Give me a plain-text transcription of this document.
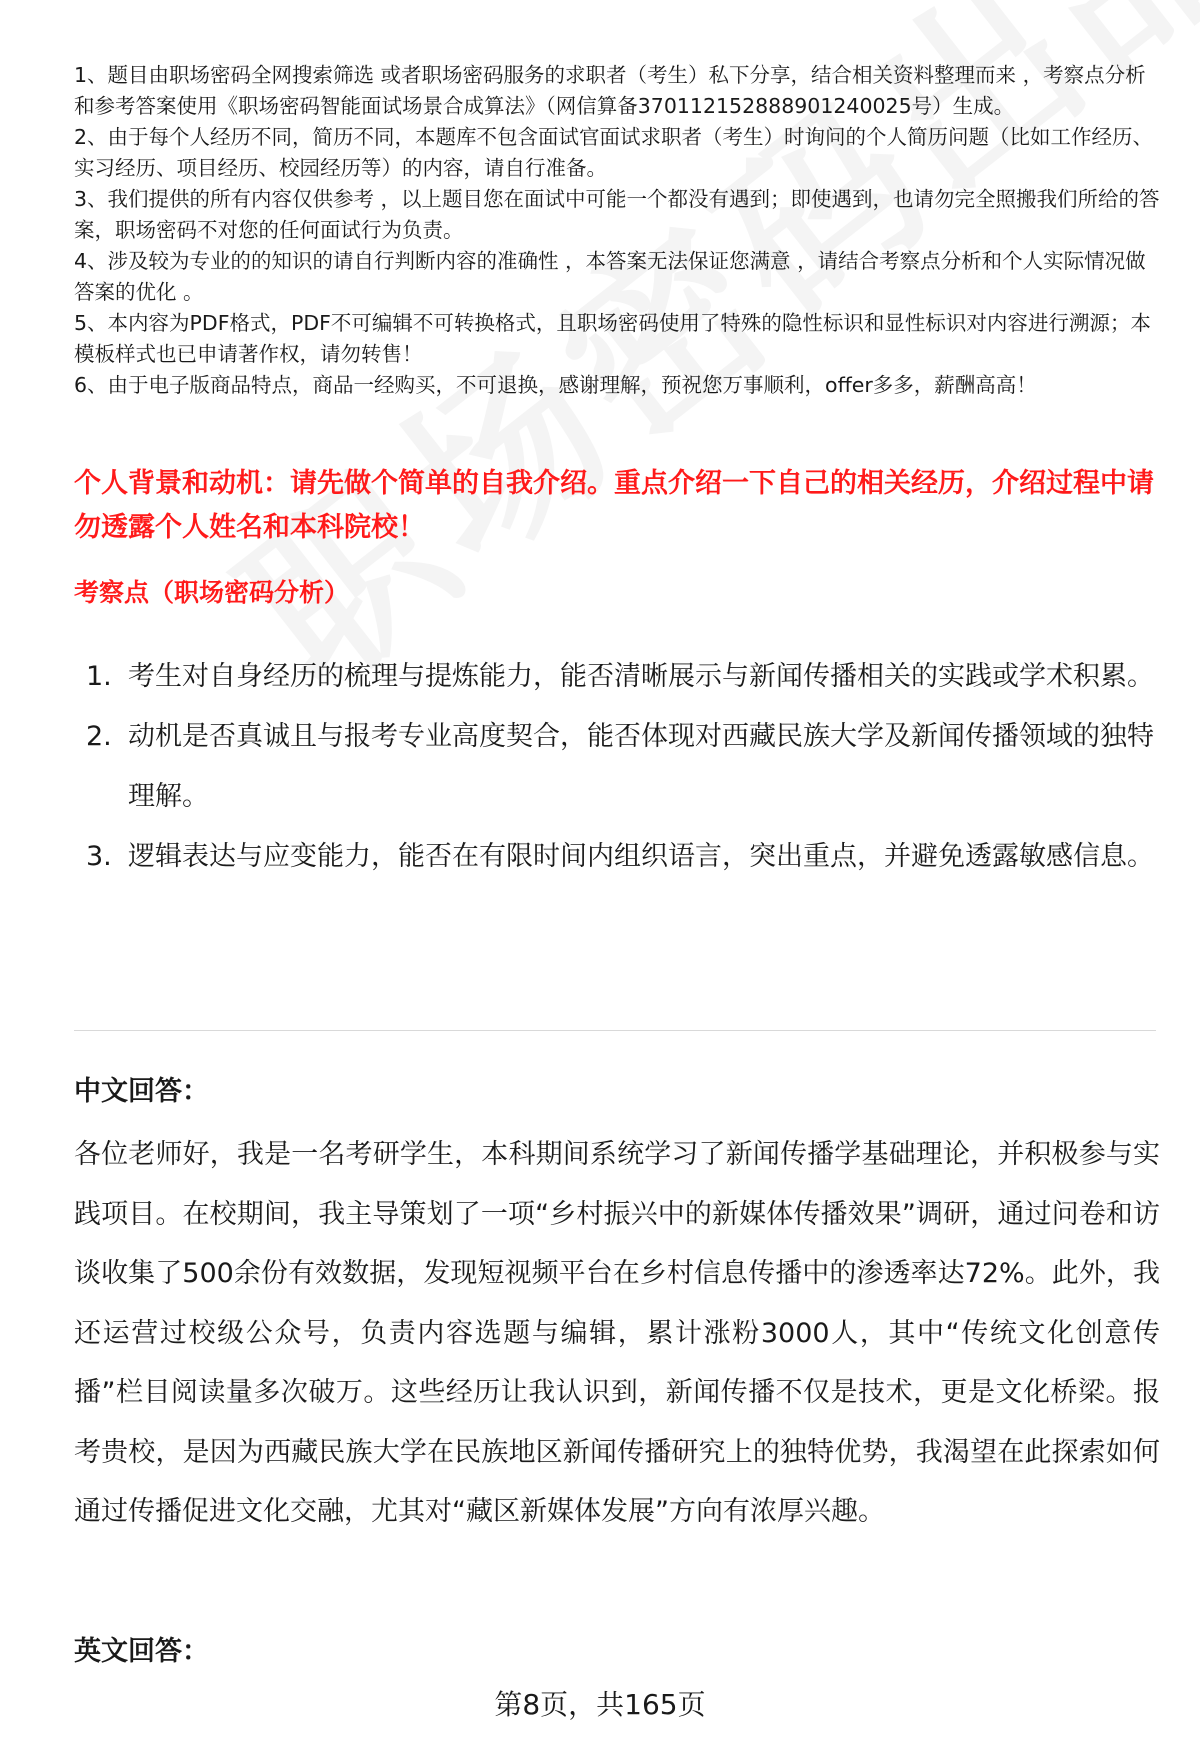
1、题目由职场密码全网搜索筛选 或者职场密码服务的求职者（考生）私下分享，结合相关资料整理而来 ，考察点分析和参考答案使用《职场密码智能面试场景合成算法》（网信算备370112152888901240025号）生成。
2、由于每个人经历不同，简历不同，本题库不包含面试官面试求职者（考生）时询问的个人简历问题（比如工作经历、实习经历、项目经历、校园经历等）的内容，请自行准备。
3、我们提供的所有内容仅供参考 ，以上题目您在面试中可能一个都没有遇到；即使遇到，也请勿完全照搬我们所给的答案，职场密码不对您的任何面试行为负责。
4、涉及较为专业的的知识的请自行判断内容的准确性 ，本答案无法保证您满意 ，请结合考察点分析和个人实际情况做答案的优化 。
5、本内容为PDF格式，PDF不可编辑不可转换格式，且职场密码使用了特殊的隐性标识和显性标识对内容进行溯源；本模板样式也已申请著作权，请勿转售！
6、由于电子版商品特点，商品一经购买，不可退换，感谢理解，预祝您万事顺利，offer多多，薪酬高高！
个人背景和动机：请先做个简单的自我介绍。重点介绍一下自己的相关经历，介绍过程中请勿透露个人姓名和本科院校！
考察点（职场密码分析）
1. 考生对自身经历的梳理与提炼能力，能否清晰展示与新闻传播相关的实践或学术积累。
2. 动机是否真诚且与报考专业高度契合，能否体现对西藏民族大学及新闻传播领域的独特理解。
3. 逻辑表达与应变能力，能否在有限时间内组织语言，突出重点，并避免透露敏感信息。
中文回答：
各位老师好，我是一名考研学生，本科期间系统学习了新闻传播学基础理论，并积极参与实践项目。在校期间，我主导策划了一项“乡村振兴中的新媒体传播效果”调研，通过问卷和访谈收集了500余份有效数据，发现短视频平台在乡村信息传播中的渗透率达72%。此外，我还运营过校级公众号，负责内容选题与编辑，累计涨粉3000人，其中“传统文化创意传播”栏目阅读量多次破万。这些经历让我认识到，新闻传播不仅是技术，更是文化桥梁。报考贵校，是因为西藏民族大学在民族地区新闻传播研究上的独特优势，我渴望在此探索如何通过传播促进文化交融，尤其对“藏区新媒体发展”方向有浓厚兴趣。
英文回答：
第8页，共165页
